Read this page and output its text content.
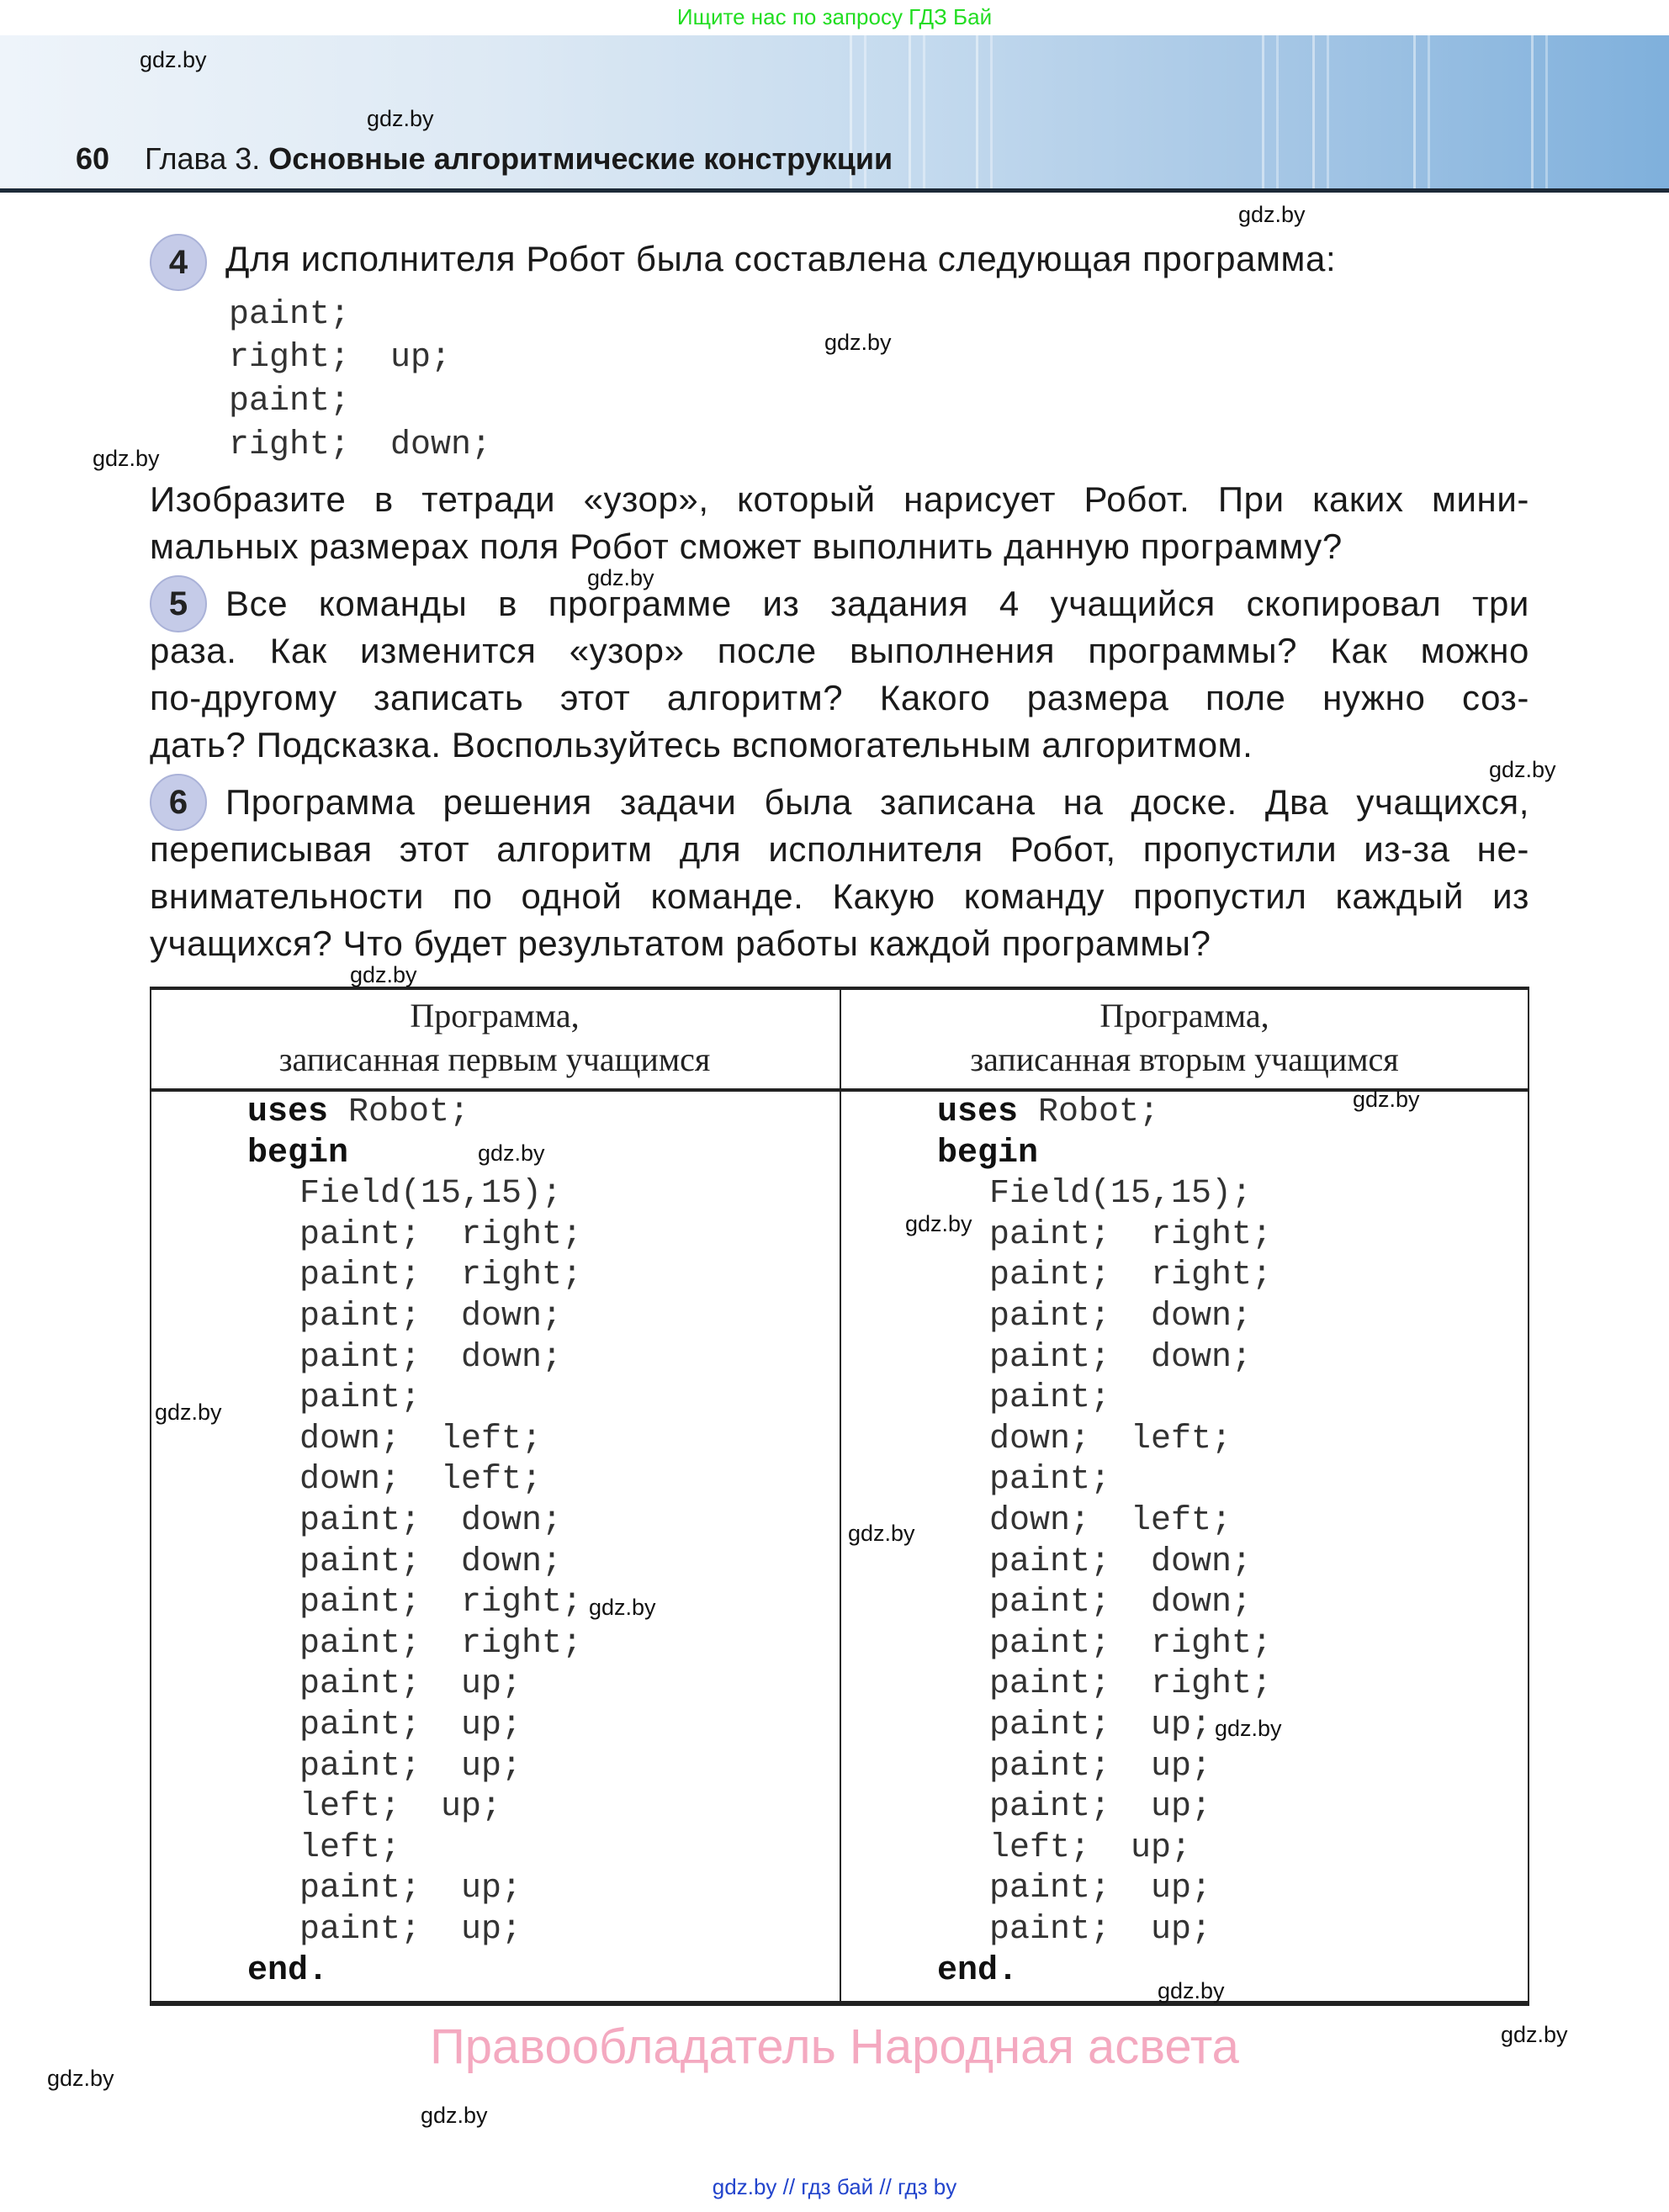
Ищите нас по запросу ГДЗ Бай
60 Глава 3. Основные алгоритмические конструкции
4	Для исполнителя Робот была составлена следующая программа:
paint;
right;  up;
paint;
right;  down;
Изобразите в тетради «узор», который нарисует Робот. При каких мини-
мальных размерах поля Робот сможет выполнить данную программу?
5	Все команды в программе из задания 4 учащийся скопировал три
раза. Как изменится «узор» после выполнения программы? Как можно
по-другому записать этот алгоритм? Какого размера поле нужно соз-
дать? Подсказка. Воспользуйтесь вспомогательным алгоритмом.
6	Программа решения задачи была записана на доске. Два учащихся,
переписывая этот алгоритм для исполнителя Робот, пропустили из-за не-
внимательности по одной команде. Какую команду пропустил каждый из
учащихся? Что будет результатом работы каждой программы?
Программа,
записанная первым учащимся
Программа,
записанная вторым учащимся
uses Robot;
begin
Field(15,15);
paint;  right;
paint;  right;
paint;  down;
paint;  down;
paint;
down;  left;
down;  left;
paint;  down;
paint;  down;
paint;  right;
paint;  right;
paint;  up;
paint;  up;
paint;  up;
left;  up;
left;
paint;  up;
paint;  up;
end.
uses Robot;
begin
Field(15,15);
paint;  right;
paint;  right;
paint;  down;
paint;  down;
paint;
down;  left;
paint;
down;  left;
paint;  down;
paint;  down;
paint;  right;
paint;  right;
paint;  up;
paint;  up;
paint;  up;
left;  up;
paint;  up;
paint;  up;
end.
gdz.by
gdz.by
gdz.by
gdz.by
gdz.by
gdz.by
gdz.by
gdz.by
gdz.by
gdz.by
gdz.by
gdz.by
gdz.by
gdz.by
gdz.by
gdz.by
gdz.by
gdz.by
gdz.by
Правообладатель Народная асвета
gdz.by // гдз бай // гдз by
